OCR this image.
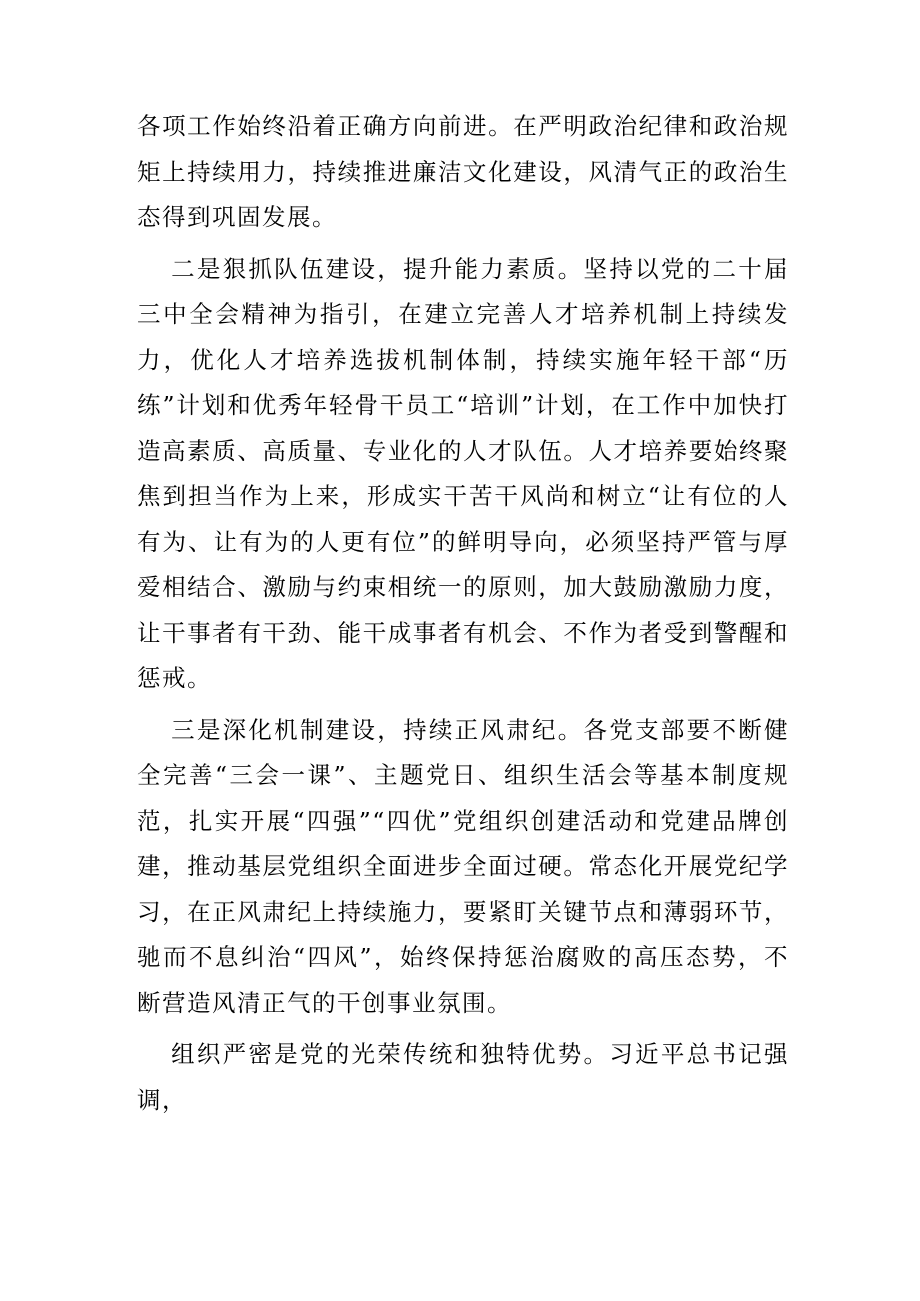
各项工作始终沿着正确方向前进。在严明政治纪律和政治规矩上持续用力，持续推进廉洁文化建设，风清气正的政治生态得到巩固发展。

二是狠抓队伍建设，提升能力素质。坚持以党的二十届三中全会精神为指引，在建立完善人才培养机制上持续发力，优化人才培养选拔机制体制，持续实施年轻干部“历练”计划和优秀年轻骨干员工“培训”计划，在工作中加快打造高素质、高质量、专业化的人才队伍。人才培养要始终聚焦到担当作为上来，形成实干苦干风尚和树立“让有位的人有为、让有为的人更有位”的鲜明导向，必须坚持严管与厚爱相结合、激励与约束相统一的原则，加大鼓励激励力度，让干事者有干劲、能干成事者有机会、不作为者受到警醒和惩戒。

三是深化机制建设，持续正风肃纪。各党支部要不断健全完善“三会一课”、主题党日、组织生活会等基本制度规范，扎实开展“四强”“四优”党组织创建活动和党建品牌创建，推动基层党组织全面进步全面过硬。常态化开展党纪学习，在正风肃纪上持续施力，要紧盯关键节点和薄弱环节，驰而不息纠治“四风”，始终保持惩治腐败的高压态势，不断营造风清正气的干创事业氛围。

组织严密是党的光荣传统和独特优势。习近平总书记强调，
